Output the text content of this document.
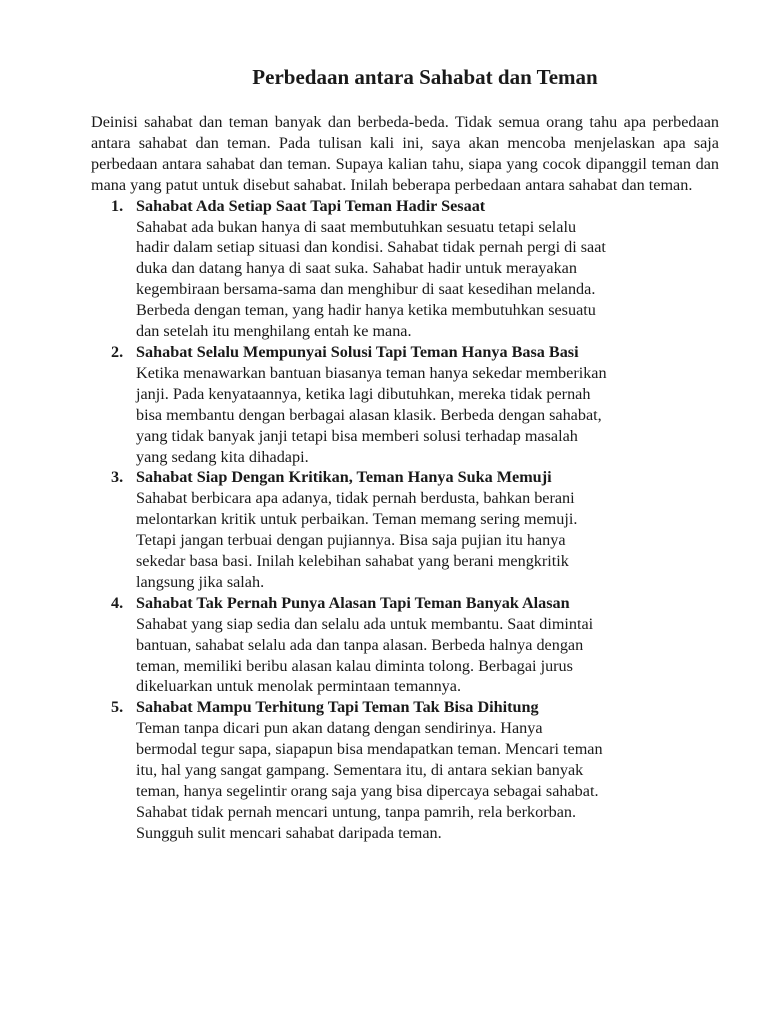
Perbedaan antara Sahabat dan Teman

Deinisi sahabat dan teman banyak dan berbeda-beda. Tidak semua orang tahu apa perbedaan antara sahabat dan teman. Pada tulisan kali ini, saya akan mencoba menjelaskan apa saja perbedaan antara sahabat dan teman. Supaya kalian tahu, siapa yang cocok dipanggil teman dan mana yang patut untuk disebut sahabat. Inilah beberapa perbedaan antara sahabat dan teman.

1. Sahabat Ada Setiap Saat Tapi Teman Hadir Sesaat
Sahabat ada bukan hanya di saat membutuhkan sesuatu tetapi selalu
hadir dalam setiap situasi dan kondisi. Sahabat tidak pernah pergi di saat
duka dan datang hanya di saat suka. Sahabat hadir untuk merayakan
kegembiraan bersama-sama dan menghibur di saat kesedihan melanda.
Berbeda dengan teman, yang hadir hanya ketika membutuhkan sesuatu
dan setelah itu menghilang entah ke mana.
2. Sahabat Selalu Mempunyai Solusi Tapi Teman Hanya Basa Basi
Ketika menawarkan bantuan biasanya teman hanya sekedar memberikan
janji. Pada kenyataannya, ketika lagi dibutuhkan, mereka tidak pernah
bisa membantu dengan berbagai alasan klasik. Berbeda dengan sahabat,
yang tidak banyak janji tetapi bisa memberi solusi terhadap masalah
yang sedang kita dihadapi.
3. Sahabat Siap Dengan Kritikan, Teman Hanya Suka Memuji
Sahabat berbicara apa adanya, tidak pernah berdusta, bahkan berani
melontarkan kritik untuk perbaikan. Teman memang sering memuji.
Tetapi jangan terbuai dengan pujiannya. Bisa saja pujian itu hanya
sekedar basa basi. Inilah kelebihan sahabat yang berani mengkritik
langsung jika salah.
4. Sahabat Tak Pernah Punya Alasan Tapi Teman Banyak Alasan
Sahabat yang siap sedia dan selalu ada untuk membantu. Saat dimintai
bantuan, sahabat selalu ada dan tanpa alasan. Berbeda halnya dengan
teman, memiliki beribu alasan kalau diminta tolong. Berbagai jurus
dikeluarkan untuk menolak permintaan temannya.
5. Sahabat Mampu Terhitung Tapi Teman Tak Bisa Dihitung
Teman tanpa dicari pun akan datang dengan sendirinya. Hanya
bermodal tegur sapa, siapapun bisa mendapatkan teman. Mencari teman
itu, hal yang sangat gampang. Sementara itu, di antara sekian banyak
teman, hanya segelintir orang saja yang bisa dipercaya sebagai sahabat.
Sahabat tidak pernah mencari untung, tanpa pamrih, rela berkorban.
Sungguh sulit mencari sahabat daripada teman.
